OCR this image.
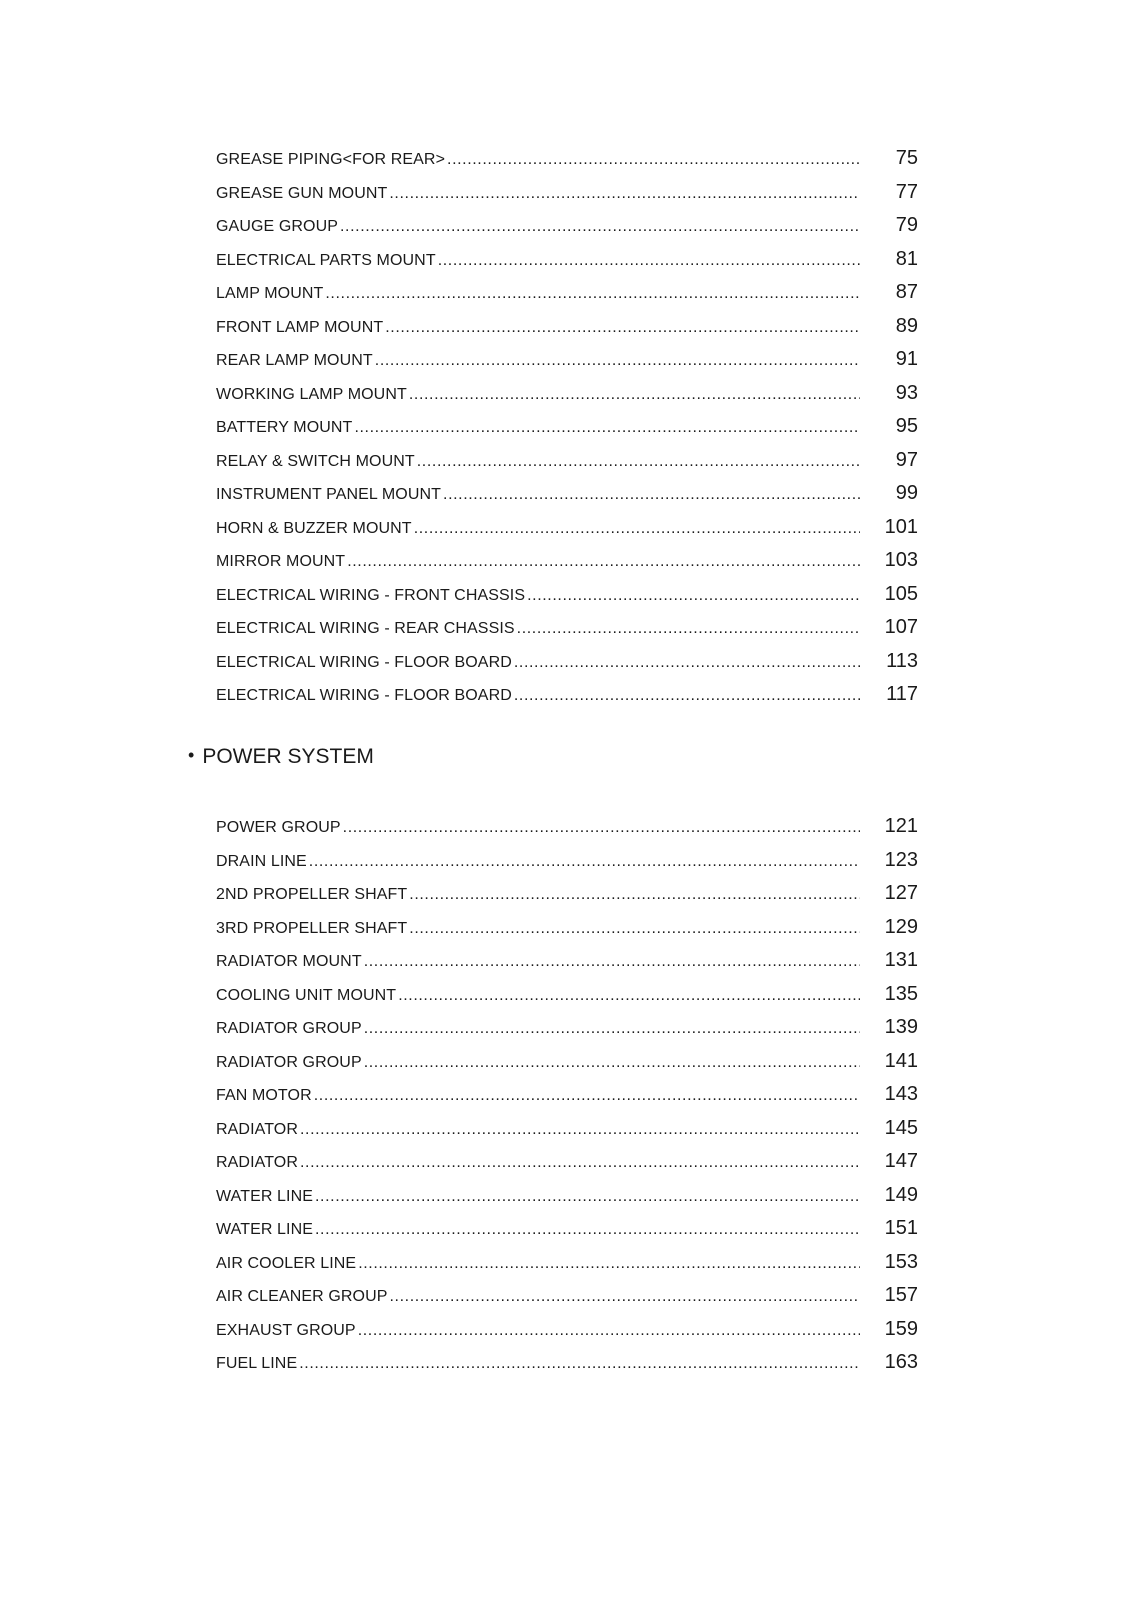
GREASE PIPING<FOR REAR> .....	75
GREASE GUN MOUNT .....	77
GAUGE GROUP .....	79
ELECTRICAL PARTS MOUNT .....	81
LAMP MOUNT .....	87
FRONT LAMP MOUNT .....	89
REAR LAMP MOUNT .....	91
WORKING LAMP MOUNT .....	93
BATTERY MOUNT .....	95
RELAY & SWITCH MOUNT .....	97
INSTRUMENT PANEL MOUNT .....	99
HORN & BUZZER MOUNT .....	101
MIRROR MOUNT .....	103
ELECTRICAL WIRING - FRONT CHASSIS .....	105
ELECTRICAL WIRING - REAR CHASSIS .....	107
ELECTRICAL WIRING - FLOOR BOARD .....	113
ELECTRICAL WIRING - FLOOR BOARD .....	117
• POWER SYSTEM
POWER GROUP .....	121
DRAIN LINE .....	123
2ND PROPELLER SHAFT .....	127
3RD PROPELLER SHAFT .....	129
RADIATOR MOUNT .....	131
COOLING UNIT MOUNT .....	135
RADIATOR GROUP .....	139
RADIATOR GROUP .....	141
FAN MOTOR .....	143
RADIATOR .....	145
RADIATOR .....	147
WATER LINE .....	149
WATER LINE .....	151
AIR COOLER LINE .....	153
AIR CLEANER GROUP .....	157
EXHAUST GROUP .....	159
FUEL LINE .....	163
